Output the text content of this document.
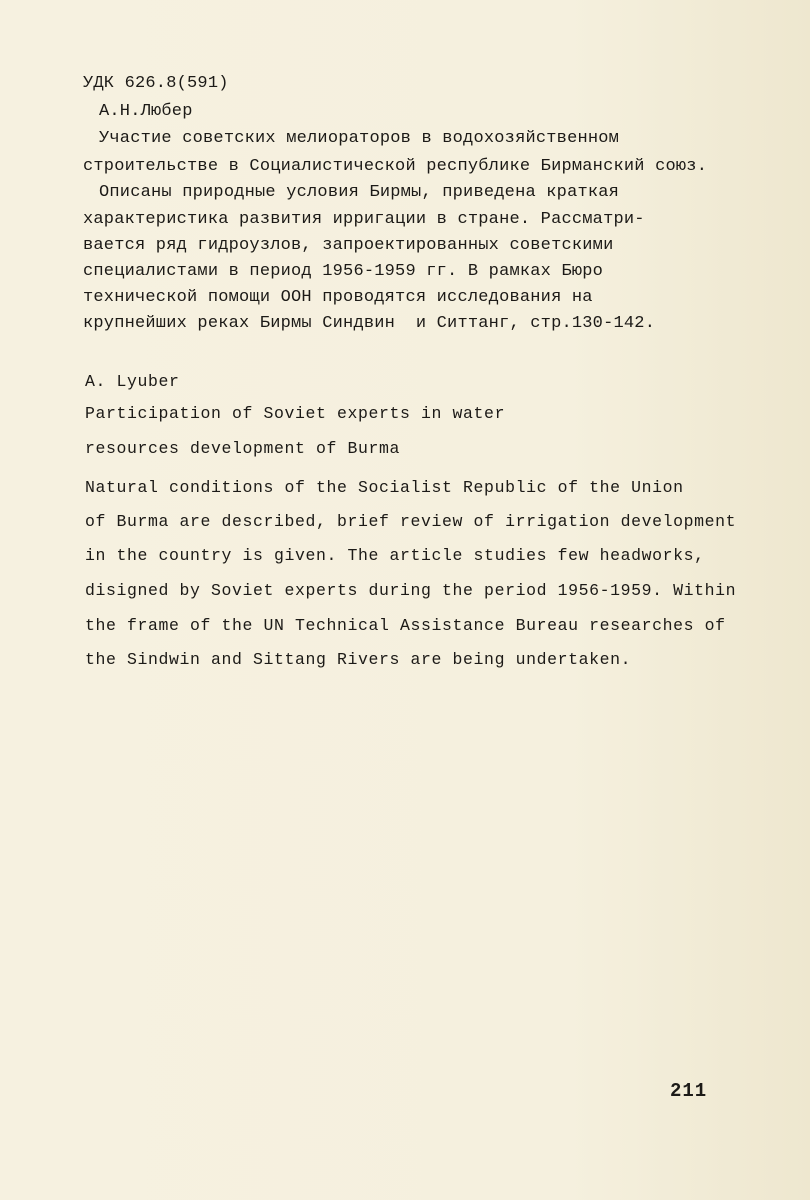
УДК 626.8(591)
А.Н.Любер
Участие советских мелиораторов в водохозяйственном
строительстве в Социалистической республике Бирманский союз.
Описаны природные условия Бирмы, приведена краткая
характеристика развития ирригации в стране. Рассматри-
вается ряд гидроузлов, запроектированных советскими
специалистами в период 1956-1959 гг. В рамках Бюро
технической помощи ООН проводятся исследования на
крупнейших реках Бирмы Синдвин  и Ситтанг, стр.130-142.
A. Lyuber
Participation of Soviet experts in water
resources development of Burma
Natural conditions of the Socialist Republic of the Union
of Burma are described, brief review of irrigation development
in the country is given. The article studies few headworks,
disigned by Soviet experts during the period 1956-1959. Within
the frame of the UN Technical Assistance Bureau researches of
the Sindwin and Sittang Rivers are being undertaken.
211
